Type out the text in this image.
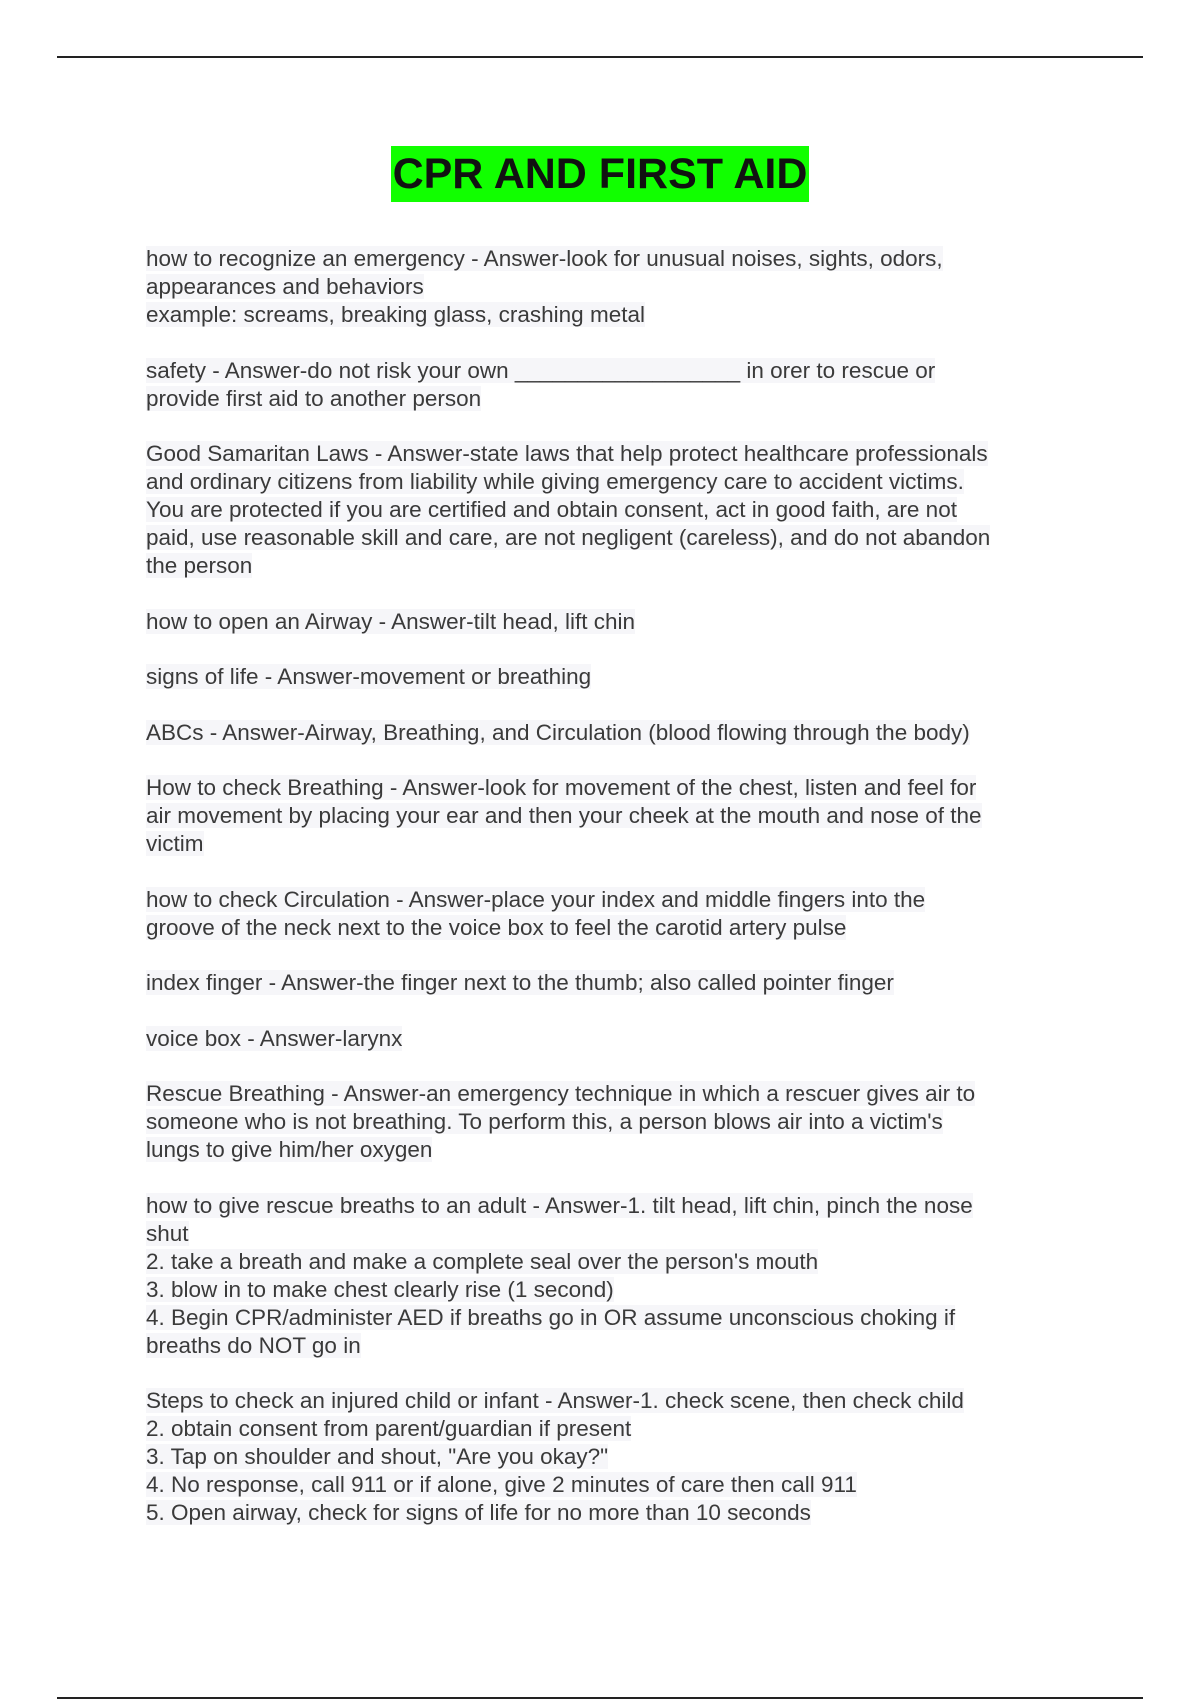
CPR AND FIRST AID
how to recognize an emergency - Answer-look for unusual noises, sights, odors,
appearances and behaviors
example: screams, breaking glass, crashing metal
safety - Answer-do not risk your own __________________ in orer to rescue or
provide first aid to another person
Good Samaritan Laws - Answer-state laws that help protect healthcare professionals
and ordinary citizens from liability while giving emergency care to accident victims.
You are protected if you are certified and obtain consent, act in good faith, are not
paid, use reasonable skill and care, are not negligent (careless), and do not abandon
the person
how to open an Airway - Answer-tilt head, lift chin
signs of life - Answer-movement or breathing
ABCs - Answer-Airway, Breathing, and Circulation (blood flowing through the body)
How to check Breathing - Answer-look for movement of the chest, listen and feel for
air movement by placing your ear and then your cheek at the mouth and nose of the
victim
how to check Circulation - Answer-place your index and middle fingers into the
groove of the neck next to the voice box to feel the carotid artery pulse
index finger - Answer-the finger next to the thumb; also called pointer finger
voice box - Answer-larynx
Rescue Breathing - Answer-an emergency technique in which a rescuer gives air to
someone who is not breathing. To perform this, a person blows air into a victim's
lungs to give him/her oxygen
how to give rescue breaths to an adult - Answer-1. tilt head, lift chin, pinch the nose
shut
2. take a breath and make a complete seal over the person's mouth
3. blow in to make chest clearly rise (1 second)
4. Begin CPR/administer AED if breaths go in OR assume unconscious choking if
breaths do NOT go in
Steps to check an injured child or infant - Answer-1. check scene, then check child
2. obtain consent from parent/guardian if present
3. Tap on shoulder and shout, "Are you okay?"
4. No response, call 911 or if alone, give 2 minutes of care then call 911
5. Open airway, check for signs of life for no more than 10 seconds
